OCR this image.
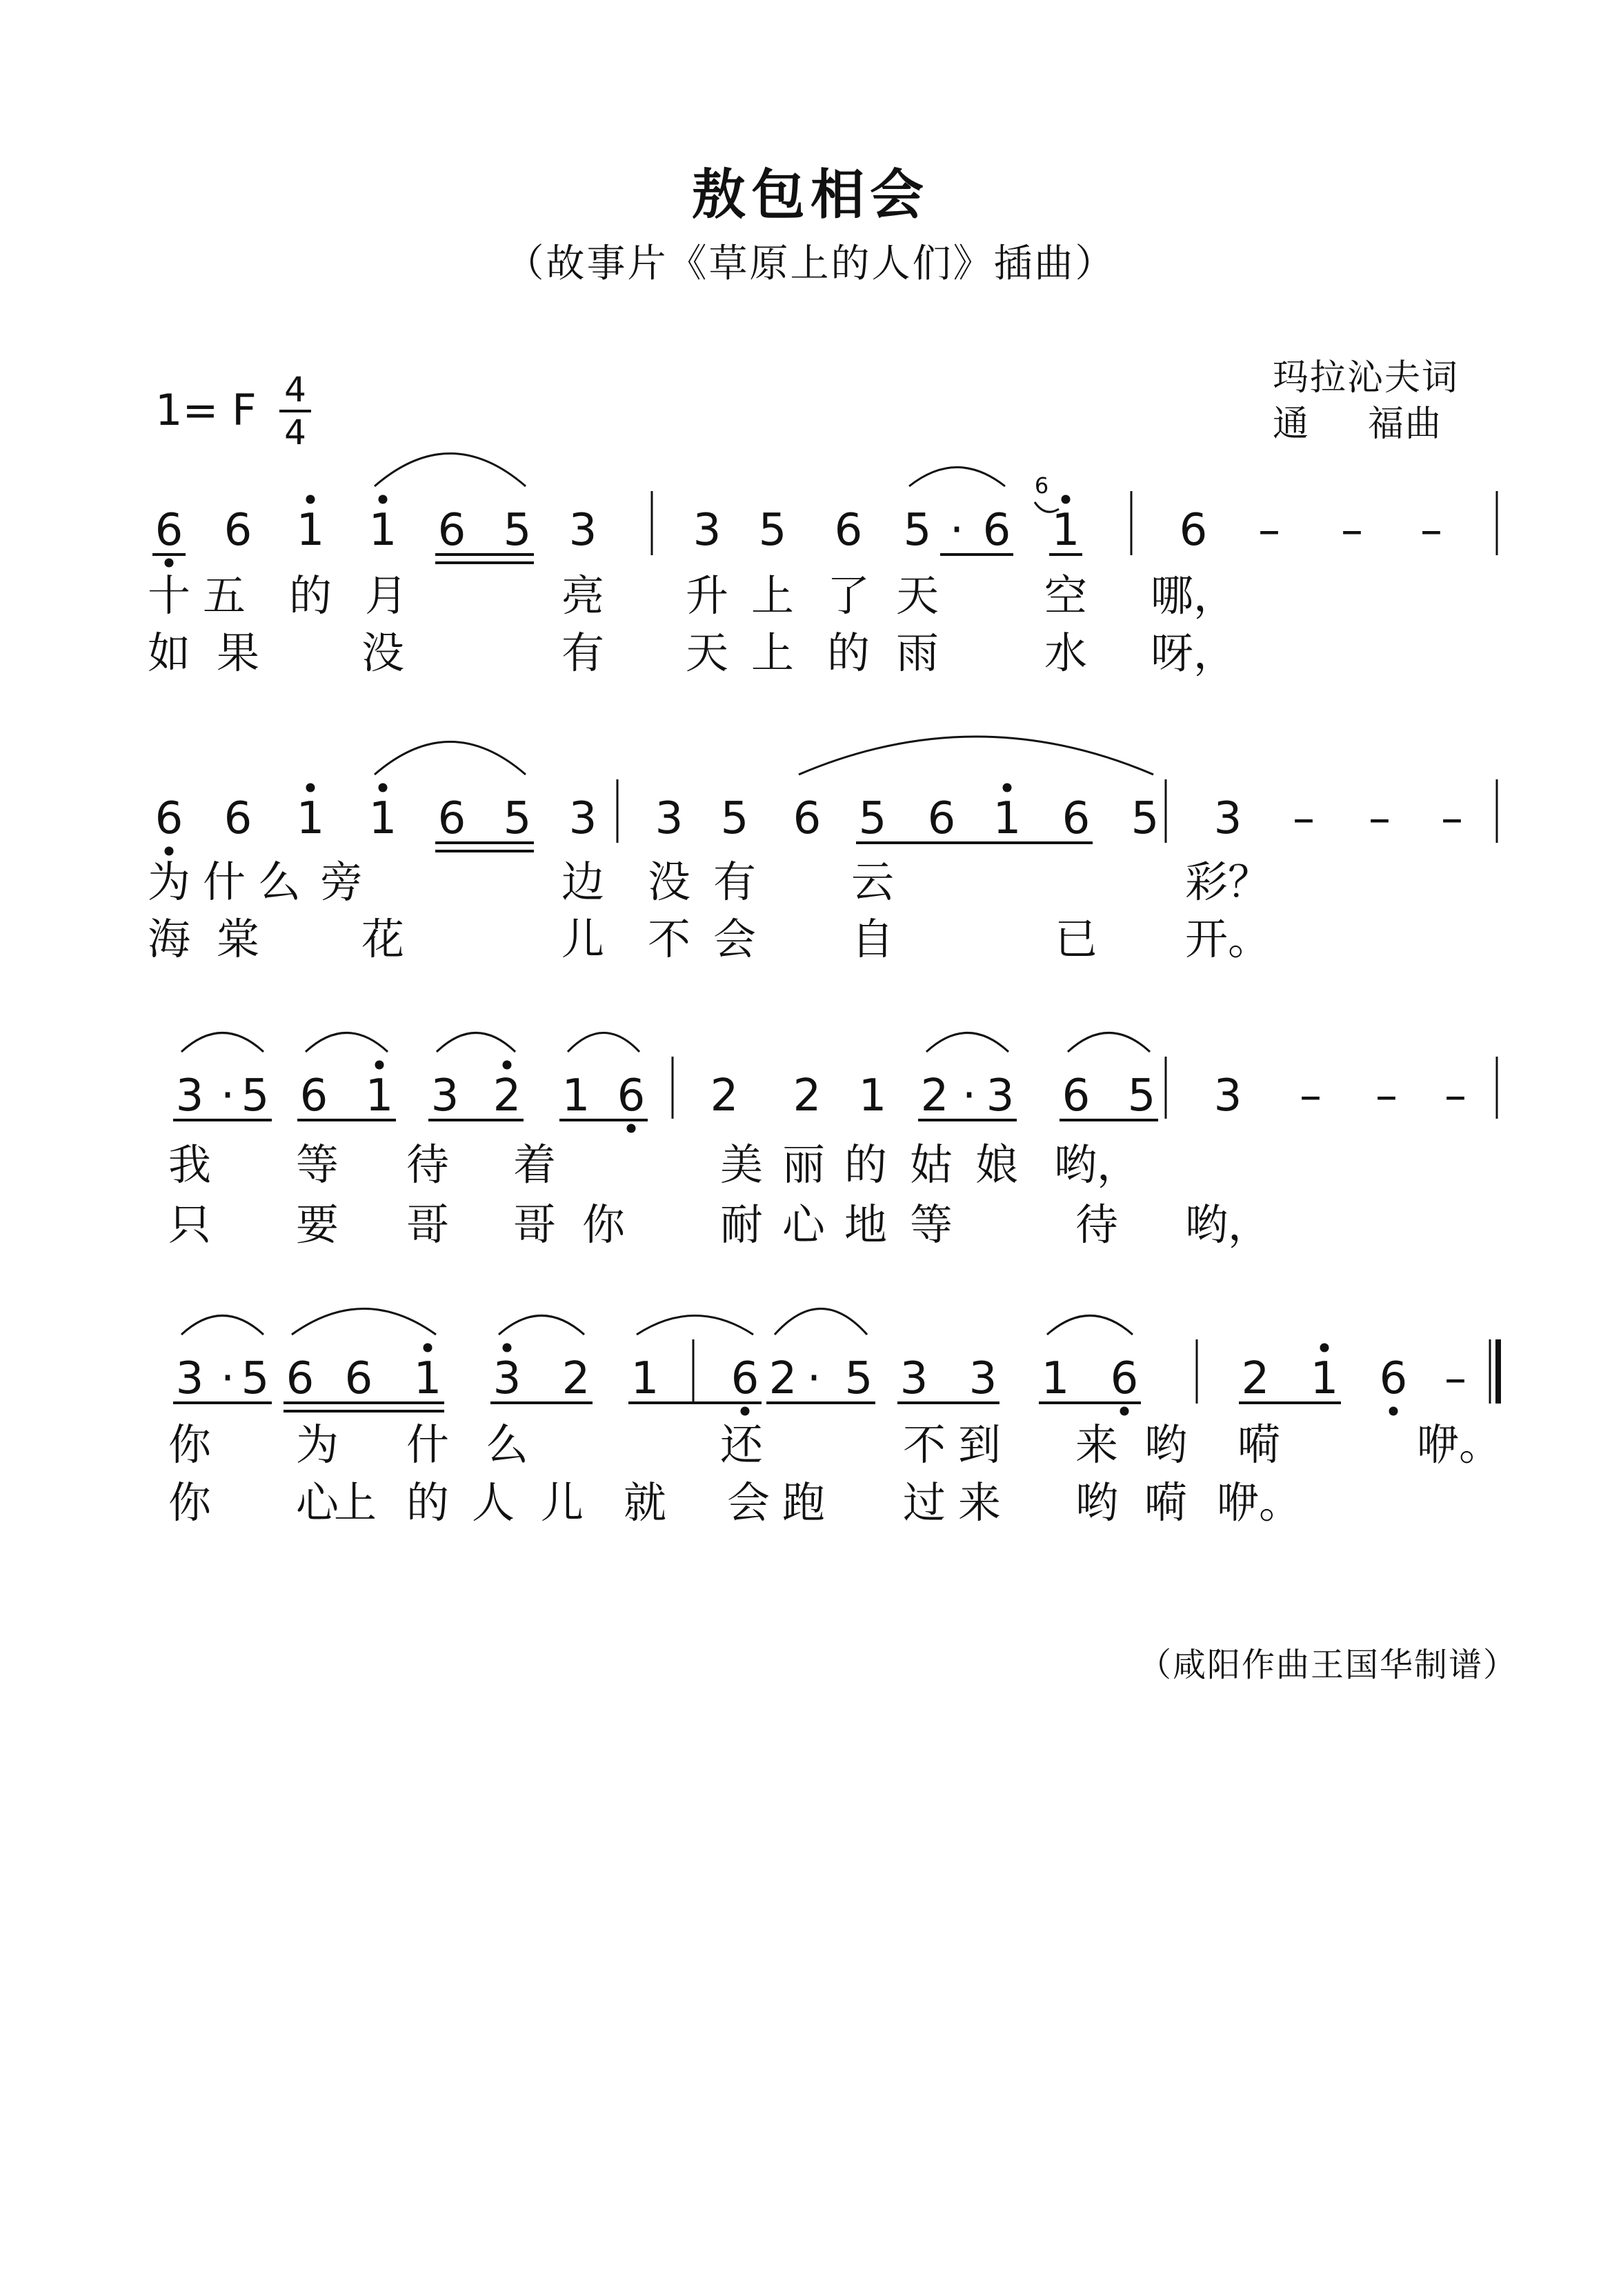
敖包相会
（故事片《草原上的人们》插曲）
1= F 4
4
玛拉沁夫词
通 福曲
6 6 1 1 6 5 3 3 5 6 5 · 6 1 6 – – –
十 五 的 月	亮 升 上 了 天 空 哪，
如 果 没	有 天 上 的 雨 水 呀，
6 6 1 1 6 5 3 3 5 6 5 6 1 6 5 3 – – –
为 什 么 旁	边 没 有 云	彩？
海 棠 花	儿 不 会 自	已 开。
3 · 5 6 1 3 2 1 6 2 2 1 2 · 3 6 5 3 – – –
我 等 待 着	美 丽 的 姑 娘 哟，
只 要 哥 哥 你 耐 心 地 等	待 哟，
3 · 5 6 6 1 3 2 1 6 2 · 5 3 3 1 6 2 1 6 –
你 为 什 么	还	不 到 来 哟 嗬	咿。
你 心
上 的 人 儿 就 会 跑 过 来 哟 嗬 咿。
6
（咸阳作曲王国华制谱）
